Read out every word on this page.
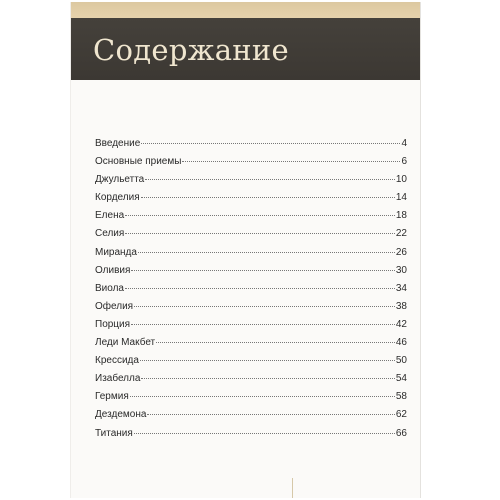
Содержание
Введение	4
Основные приемы	6
Джульетта	10
Корделия	14
Елена	18
Селия	22
Миранда	26
Оливия	30
Виола	34
Офелия	38
Порция	42
Леди Макбет	46
Крессида	50
Изабелла	54
Гермия	58
Дездемона	62
Титания	66
